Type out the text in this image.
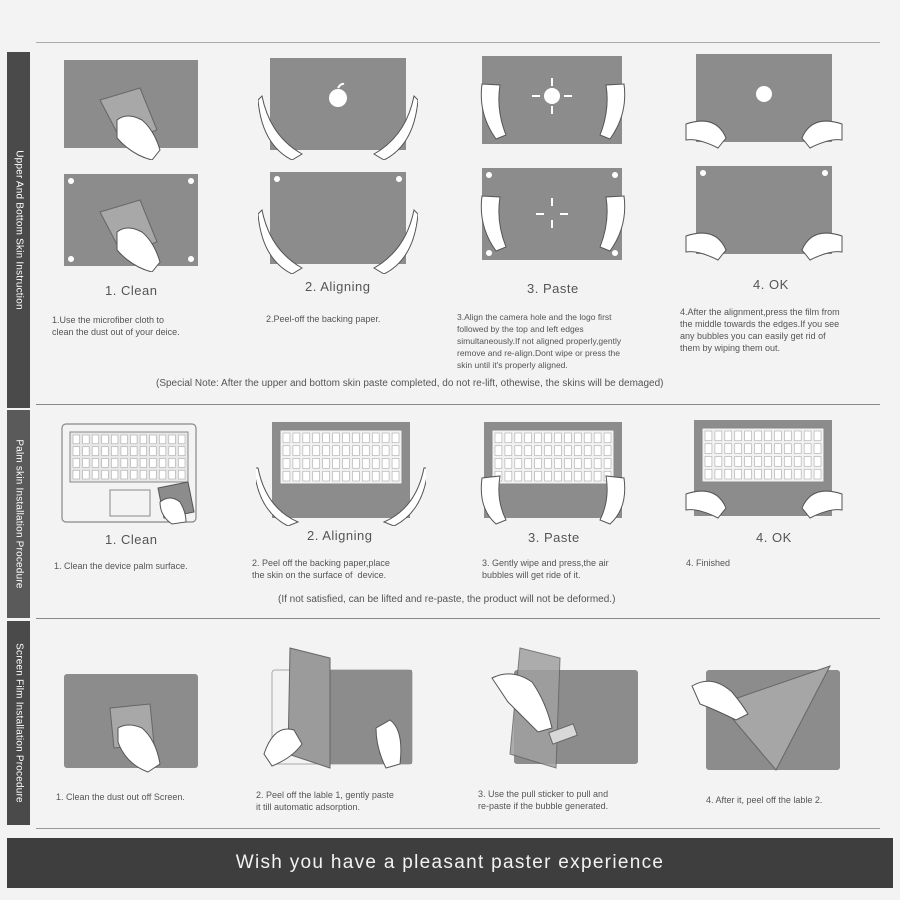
Upper And Bottom Skin Instruction
Palm skin Installation Procedure
Screen Film Installation Procedure
1. Clean	2. Aligning	3. Paste	4. OK
1.Use the microfiber cloth to
clean the dust out of your deice.
2.Peel-off the backing paper.	3.Align the camera hole and the logo first
followed by the top and left edges
simultaneously.If not aligned properly,gently
remove and re-align.Dont wipe or press the
skin until it's properly aligned.
4.After the alignment,press the film from
the middle towards the edges.If you see
any bubbles you can easily get rid of
them by wiping them out.
(Special Note: After the upper and bottom skin paste completed, do not re-lift, othewise, the skins will be demaged)
1. Clean	2. Aligning	3. Paste	4. OK
1. Clean the device palm surface.	2. Peel off the backing paper,place
the skin on the surface of  device.
3. Gently wipe and press,the air
bubbles will get ride of it.
4. Finished
(If not satisfied, can be lifted and re-paste, the product will not be deformed.)
1. Clean the dust out off Screen.	2. Peel off the lable 1, gently paste
it till automatic adsorption.
3. Use the pull sticker to pull and
re-paste if the bubble generated.
4. After it, peel off the lable 2.
Wish you have a pleasant paster experience
